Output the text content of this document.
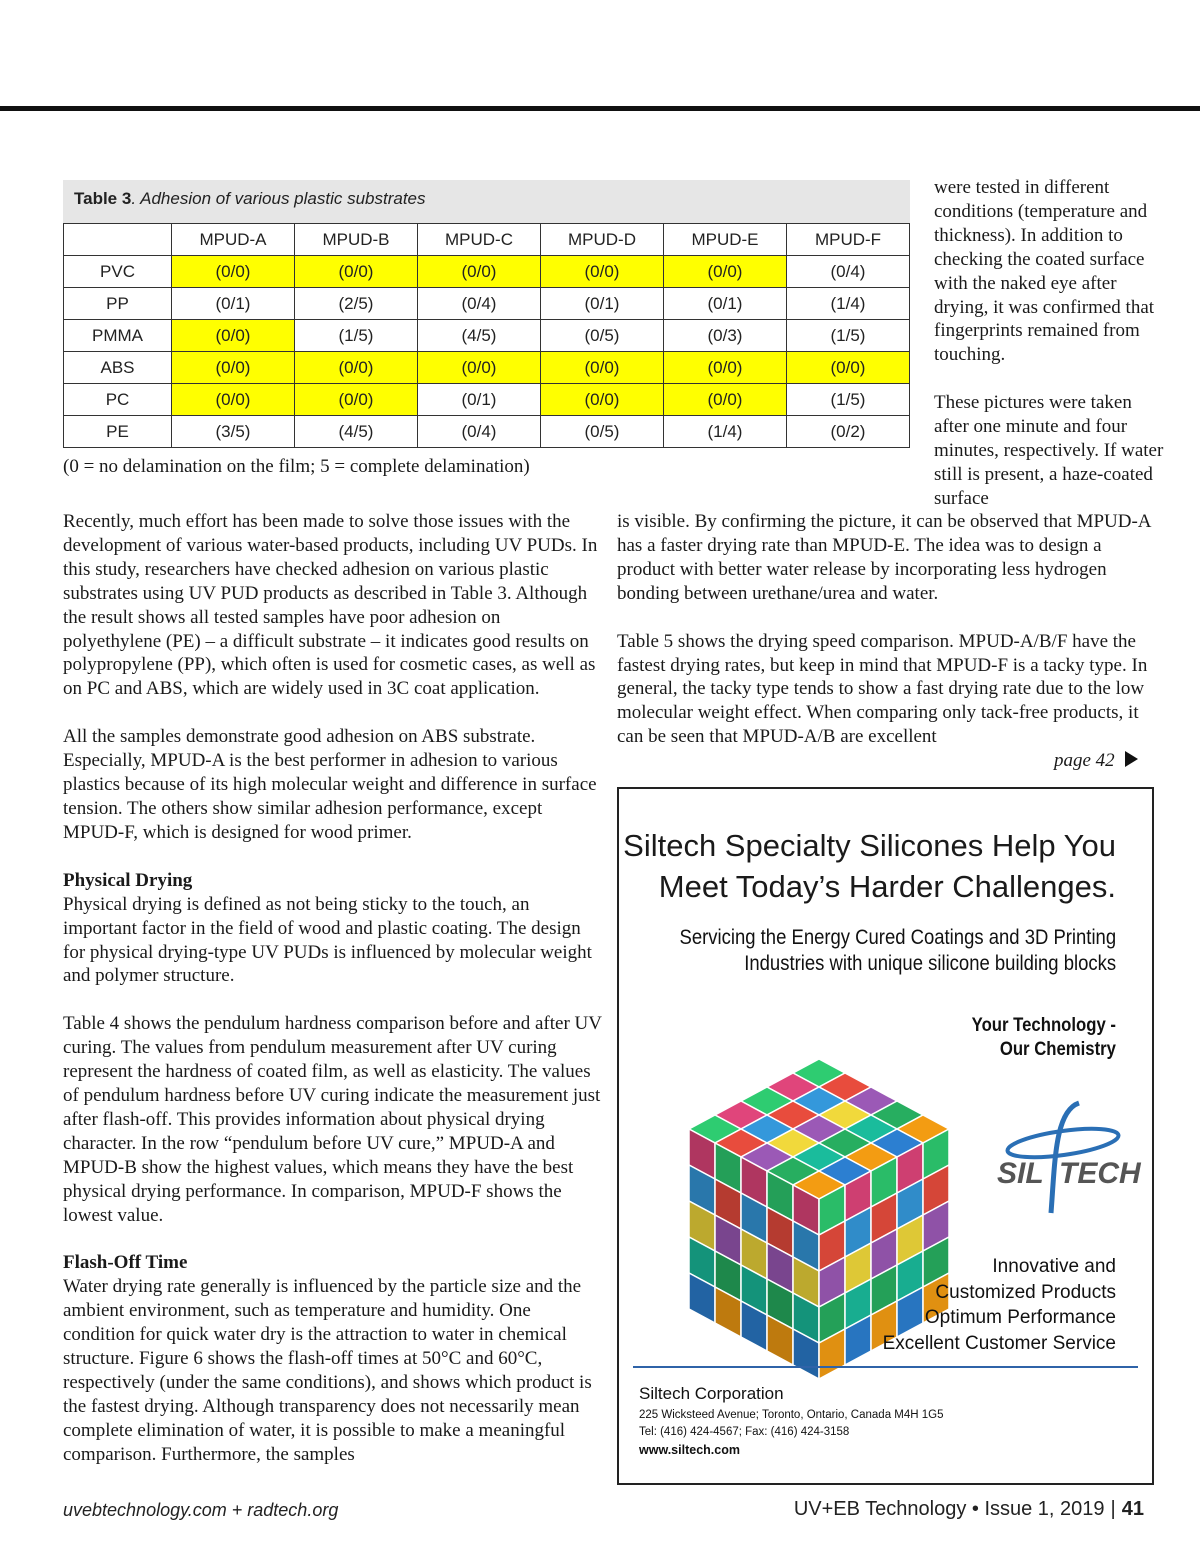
Table 3. Adhesion of various plastic substrates
	MPUD-A	MPUD-B	MPUD-C	MPUD-D	MPUD-E	MPUD-F
PVC	(0/0)	(0/0)	(0/0)	(0/0)	(0/0)	(0/4)
PP	(0/1)	(2/5)	(0/4)	(0/1)	(0/1)	(1/4)
PMMA	(0/0)	(1/5)	(4/5)	(0/5)	(0/3)	(1/5)
ABS	(0/0)	(0/0)	(0/0)	(0/0)	(0/0)	(0/0)
PC	(0/0)	(0/0)	(0/1)	(0/0)	(0/0)	(1/5)
PE	(3/5)	(4/5)	(0/4)	(0/5)	(1/4)	(0/2)
(0 = no delamination on the film; 5 = complete delamination)

were tested in different conditions (temperature and thickness). In addition to checking the coated surface with the naked eye after drying, it was confirmed that fingerprints remained from touching.

These pictures were taken after one minute and four minutes, respectively. If water still is present, a haze-coated surface

Recently, much effort has been made to solve those issues with the development of various water-based products, including UV PUDs. In this study, researchers have checked adhesion on various plastic substrates using UV PUD products as described in Table 3. Although the result shows all tested samples have poor adhesion on polyethylene (PE) – a difficult substrate – it indicates good results on polypropylene (PP), which often is used for cosmetic cases, as well as on PC and ABS, which are widely used in 3C coat application.

All the samples demonstrate good adhesion on ABS substrate. Especially, MPUD-A is the best performer in adhesion to various plastics because of its high molecular weight and difference in surface tension. The others show similar adhesion performance, except MPUD-F, which is designed for wood primer.

Physical Drying

Physical drying is defined as not being sticky to the touch, an important factor in the field of wood and plastic coating. The design for physical drying-type UV PUDs is influenced by molecular weight and polymer structure.

Table 4 shows the pendulum hardness comparison before and after UV curing. The values from pendulum measurement after UV curing represent the hardness of coated film, as well as elasticity. The values of pendulum hardness before UV curing indicate the measurement just after flash-off. This provides information about physical drying character. In the row “pendulum before UV cure,” MPUD-A and MPUD-B show the highest values, which means they have the best physical drying performance. In comparison, MPUD-F shows the lowest value.

Flash-Off Time

Water drying rate generally is influenced by the particle size and the ambient environment, such as temperature and humidity. One condition for quick water dry is the attraction to water in chemical structure. Figure 6 shows the flash-off times at 50°C and 60°C, respectively (under the same conditions), and shows which product is the fastest drying. Although transparency does not necessarily mean complete elimination of water, it is possible to make a meaningful comparison. Furthermore, the samples

is visible. By confirming the picture, it can be observed that MPUD-A has a faster drying rate than MPUD-E. The idea was to design a product with better water release by incorporating less hydrogen bonding between urethane/urea and water.

Table 5 shows the drying speed comparison. MPUD-A/B/F have the fastest drying rates, but keep in mind that MPUD-F is a tacky type. In general, the tacky type tends to show a fast drying rate due to the low molecular weight effect. When comparing only tack-free products, it can be seen that MPUD-A/B are excellent

page 42
Siltech Specialty Silicones Help You
Meet Today’s Harder Challenges.
Servicing the Energy Cured Coatings and 3D Printing
Industries with unique silicone building blocks
Your Technology -
Our Chemistry
SIL TECH
Innovative and
Customized Products
Optimum Performance
Excellent Customer Service
Siltech Corporation
225 Wicksteed Avenue; Toronto, Ontario, Canada M4H 1G5
Tel: (416) 424-4567; Fax: (416) 424-3158
www.siltech.com
uvebtechnology.com + radtech.org	UV+EB Technology • Issue 1, 2019 | 41
